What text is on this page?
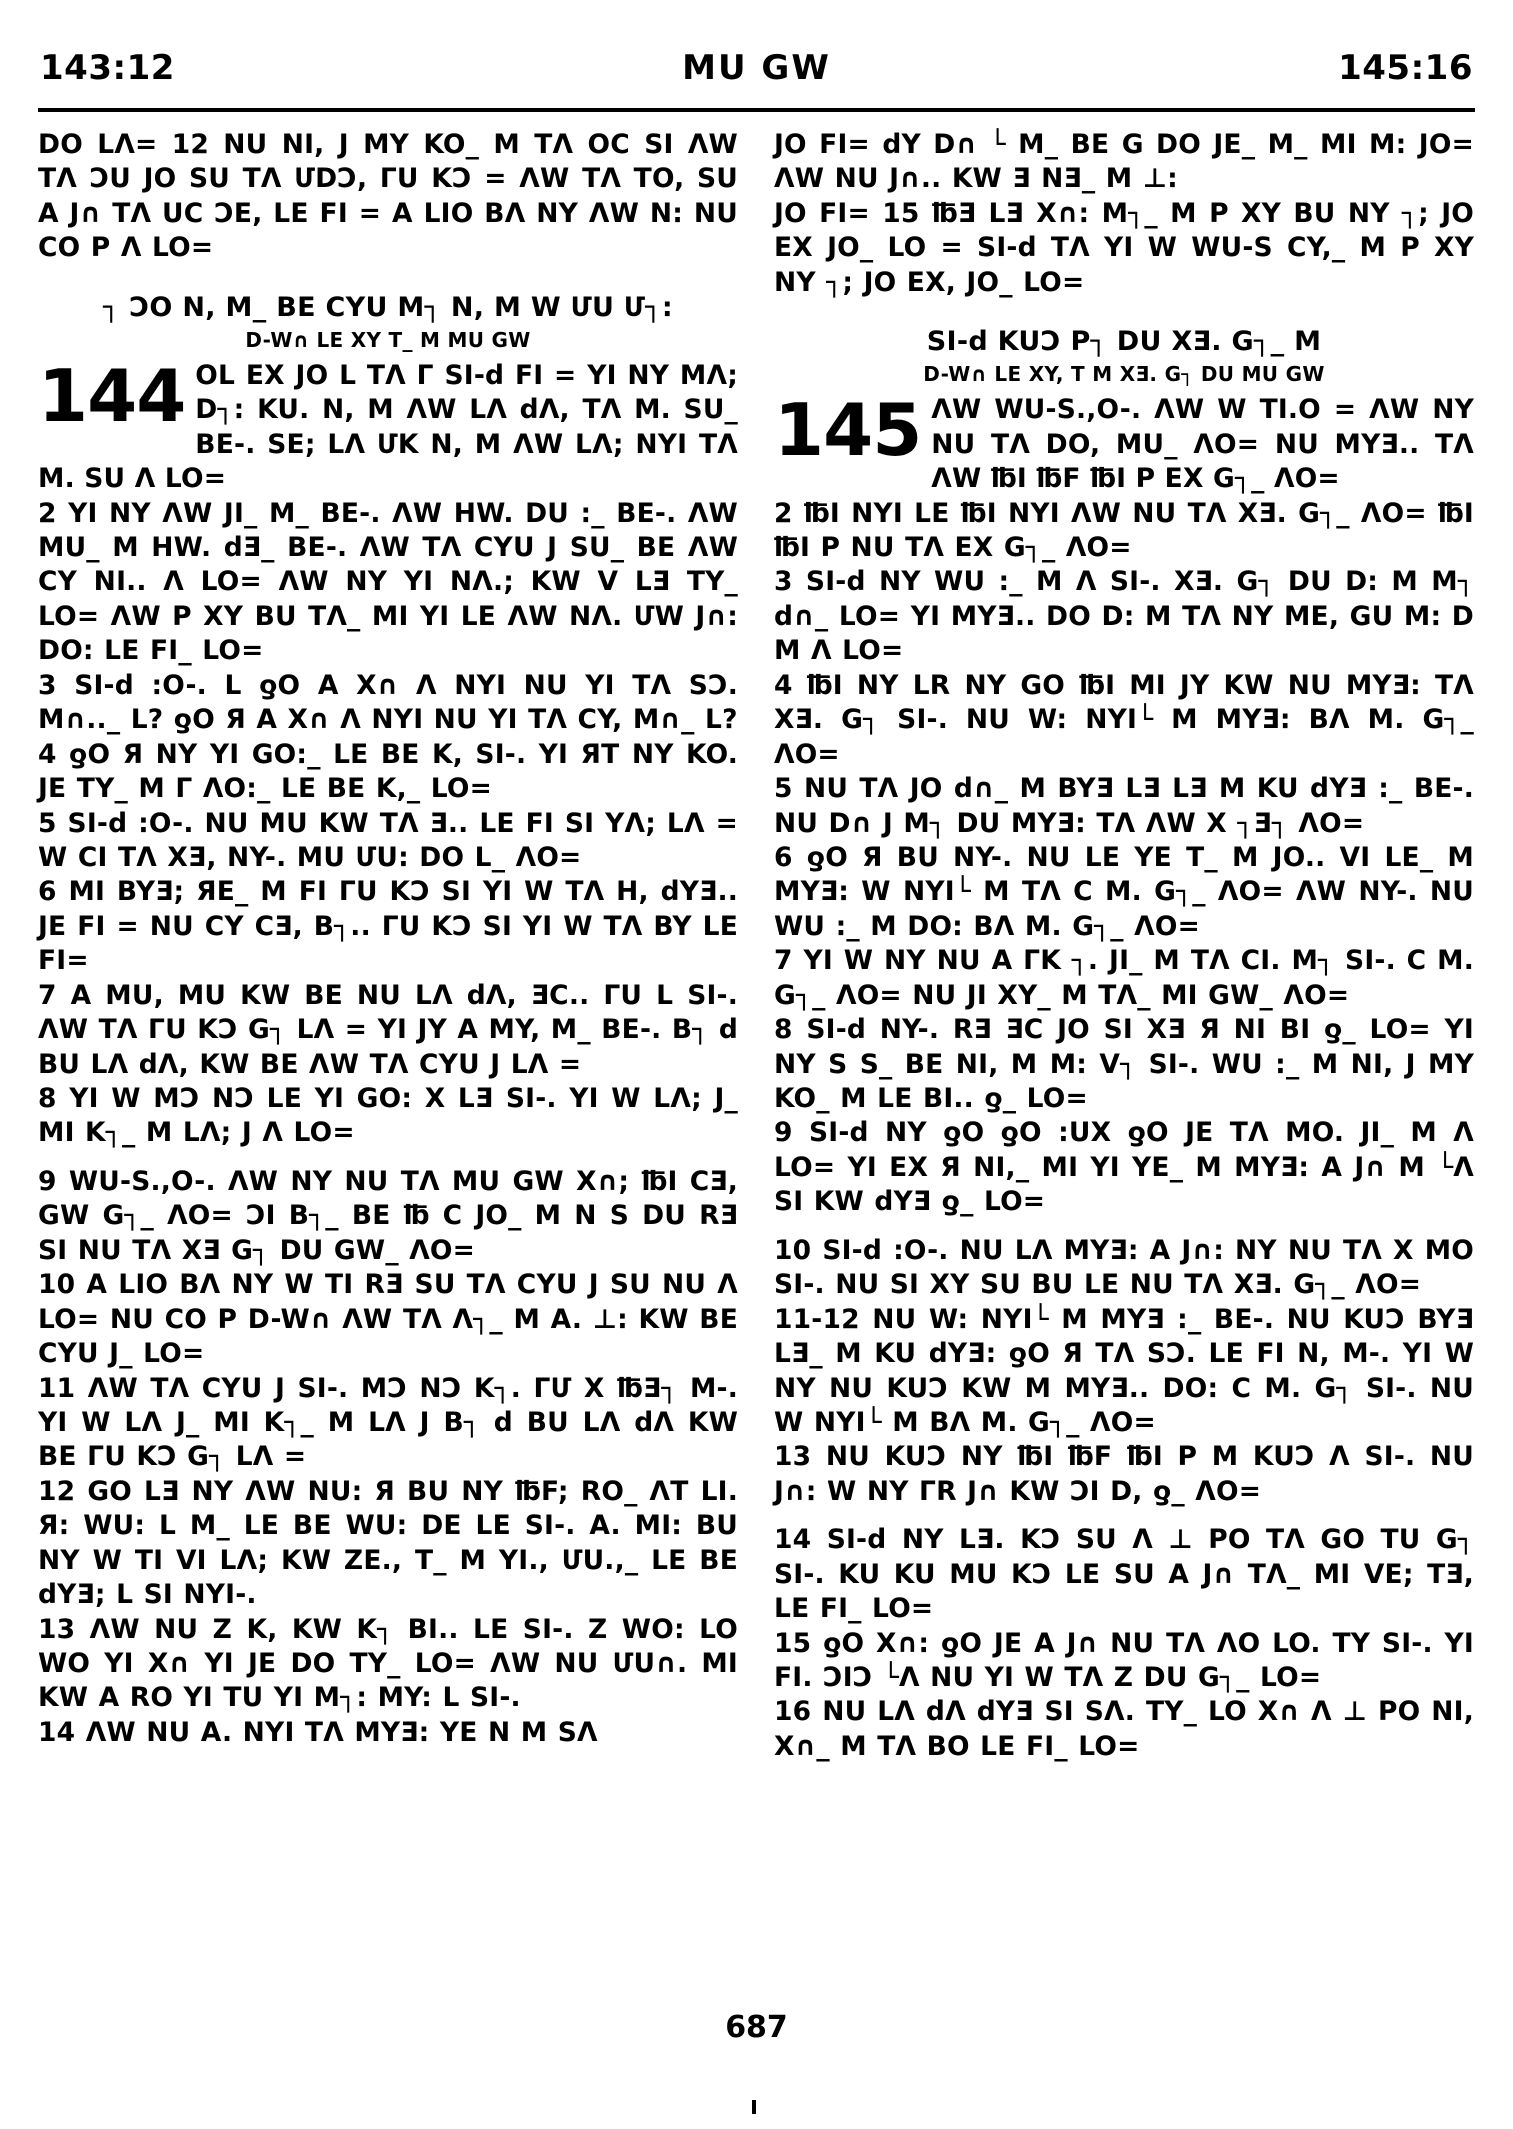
143:12	MU GW	145:16

DO LΛ= 12 NU NI, J MY KO_ M TΛ OC SI ΛW TΛ ƆU JO SU TΛ ՄDƆ, ГU KƆ = ΛW TΛ TO, SU A J∩ TΛ UC ƆE, LE FI = A LIO BΛ NY ΛW N: NU CO P Λ LO=

┐ ƆO N, M_ BE CYU M┐ N, M W ՄU Մ┐:
D-W∩ LE XY T_ M MU GW
144 OL EX JO L TΛ Г SI-d FI = YI NY MΛ; D┐: KU. N, M ΛW LΛ dΛ, TΛ M. SU_ BE-. SE; LΛ ՄK N, M ΛW LΛ; NYI TΛ M. SU Λ LO=

2 YI NY ΛW JI_ M_ BE-. ΛW HW. DU :_ BE-. ΛW MU_ M HW. dƎ_ BE-. ΛW TΛ CYU J SU_ BE ΛW CY NI.. Λ LO= ΛW NY YI NΛ.; KW V LƎ TY_ LO= ΛW P XY BU TΛ_ MI YI LE ΛW NΛ. ՄW J∩: DO: LE FI_ LO=

3 SI-d :O-. L ƍO A X∩ Λ NYI NU YI TΛ SƆ. M∩.._ L? ƍO Я A X∩ Λ NYI NU YI TΛ CY, M∩_ L?

4 ƍO Я NY YI GO:_ LE BE K, SI-. YI ЯT NY KO. JE TY_ M Г ΛO:_ LE BE K,_ LO=

5 SI-d :O-. NU MU KW TΛ Ǝ.. LE FI SI YΛ; LΛ = W CI TΛ XƎ, NY-. MU ՄU: DO L_ ΛO=

6 MI BYƎ; ЯE_ M FI ГU KƆ SI YI W TΛ H, dYƎ.. JE FI = NU CY CƎ, B┐.. ГU KƆ SI YI W TΛ BY LE FI=

7 A MU, MU KW BE NU LΛ dΛ, ƎC.. ГU L SI-. ΛW TΛ ГU KƆ G┐ LΛ = YI JY A MY, M_ BE-. B┐ d BU LΛ dΛ, KW BE ΛW TΛ CYU J LΛ =

8 YI W MƆ NƆ LE YI GO: X LƎ SI-. YI W LΛ; J_ MI K┐_ M LΛ; J Λ LO=

9 WU-S.,O-. ΛW NY NU TΛ MU GW X∩; ℔I CƎ, GW G┐_ ΛO= ƆI B┐_ BE ℔ C JO_ M N S DU RƎ SI NU TΛ XƎ G┐ DU GW_ ΛO=

10 A LIO BΛ NY W TI RƎ SU TΛ CYU J SU NU Λ LO= NU CO P D-W∩ ΛW TΛ Λ┐_ M A. ⊥: KW BE CYU J_ LO=

11 ΛW TΛ CYU J SI-. MƆ NƆ K┐. ГՄ X ℔Ǝ┐ M-. YI W LΛ J_ MI K┐_ M LΛ J B┐ d BU LΛ dΛ KW BE ГU KƆ G┐ LΛ =

12 GO LƎ NY ΛW NU: Я BU NY ℔F; RO_ ΛT LI. Я: WU: L M_ LE BE WU: DE LE SI-. A. MI: BU NY W TI VI LΛ; KW ZE., T_ M YI., ՄU.,_ LE BE dYƎ; L SI NYI-.

13 ΛW NU Z K, KW K┐ BI.. LE SI-. Z WO: LO WO YI X∩ YI JE DO TY_ LO= ΛW NU ՄU∩. MI KW A RO YI TU YI M┐: MY: L SI-.

14 ΛW NU A. NYI TΛ MYƎ: YE N M SΛ

JO FI= dY D∩ └ M_ BE G DO JE_ M_ MI M: JO= ΛW NU J∩.. KW Ǝ NƎ_ M ⊥:

JO FI= 15 ℔Ǝ LƎ X∩: M┐_ M P XY BU NY ┐; JO EX JO_ LO = SI-d TΛ YI W WU-S CY,_ M P XY NY ┐; JO EX, JO_ LO=

SI-d KUƆ P┐ DU XƎ. G┐_ M
D-W∩ LE XY, T M XƎ. G┐ DU MU GW
145 ΛW WU-S.,O-. ΛW W TI.O = ΛW NY NU TΛ DO, MU_ ΛO= NU MYƎ.. TΛ ΛW ℔I ℔F ℔I P EX G┐_ ΛO=

2 ℔I NYI LE ℔I NYI ΛW NU TΛ XƎ. G┐_ ΛO= ℔I ℔I P NU TΛ EX G┐_ ΛO=

3 SI-d NY WU :_ M Λ SI-. XƎ. G┐ DU D: M M┐ d∩_ LO= YI MYƎ.. DO D: M TΛ NY ME, GU M: D M Λ LO=

4 ℔I NY LR NY GO ℔I MI JY KW NU MYƎ: TΛ XƎ. G┐ SI-. NU W: NYI└ M MYƎ: BΛ M. G┐_ ΛO=

5 NU TΛ JO d∩_ M BYƎ LƎ LƎ M KU dYƎ :_ BE-. NU D∩ J M┐ DU MYƎ: TΛ ΛW X ┐Ǝ┐ ΛO=

6 ƍO Я BU NY-. NU LE YE T_ M JO.. VI LE_ M MYƎ: W NYI└ M TΛ C M. G┐_ ΛO= ΛW NY-. NU WU :_ M DO: BΛ M. G┐_ ΛO=

7 YI W NY NU A ГK ┐. JI_ M TΛ CI. M┐ SI-. C M. G┐_ ΛO= NU JI XY_ M TΛ_ MI GW_ ΛO=

8 SI-d NY-. RƎ ƎC JO SI XƎ Я NI BI ƍ_ LO= YI NY S S_ BE NI, M M: V┐ SI-. WU :_ M NI, J MY KO_ M LE BI.. ƍ_ LO=

9 SI-d NY ƍO ƍO :UX ƍO JE TΛ MO. JI_ M Λ LO= YI EX Я NI,_ MI YI YE_ M MYƎ: A J∩ M └Λ SI KW dYƎ ƍ_ LO=

10 SI-d :O-. NU LΛ MYƎ: A J∩: NY NU TΛ X MO SI-. NU SI XY SU BU LE NU TΛ XƎ. G┐_ ΛO=

11-12 NU W: NYI└ M MYƎ :_ BE-. NU KUƆ BYƎ LƎ_ M KU dYƎ: ƍO Я TΛ SƆ. LE FI N, M-. YI W NY NU KUƆ KW M MYƎ.. DO: C M. G┐ SI-. NU W NYI└ M BΛ M. G┐_ ΛO=

13 NU KUƆ NY ℔I ℔F ℔I P M KUƆ Λ SI-. NU J∩: W NY ГR J∩ KW ƆI D, ƍ_ ΛO=

14 SI-d NY LƎ. KƆ SU Λ ⊥ PO TΛ GO TU G┐ SI-. KU KU MU KƆ LE SU A J∩ TΛ_ MI VE; TƎ, LE FI_ LO=

15 ƍO X∩: ƍO JE A J∩ NU TΛ ΛO LO. TY SI-. YI FI. ƆIƆ └Λ NU YI W TΛ Z DU G┐_ LO=

16 NU LΛ dΛ dYƎ SI SΛ. TY_ LO X∩ Λ ⊥ PO NI, X∩_ M TΛ BO LE FI_ LO=

687
